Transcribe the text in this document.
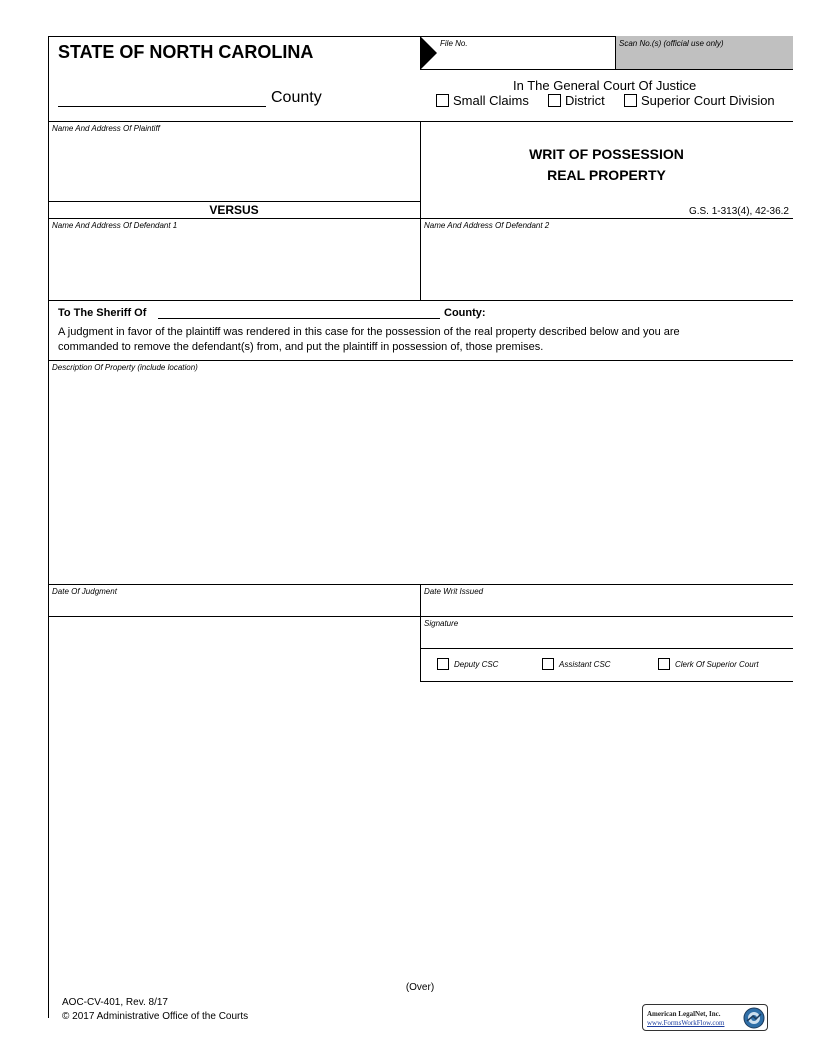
File No.	Scan No.(s) (official use only)
STATE OF NORTH CAROLINA
County
In The General Court Of Justice
Small Claims	District	Superior Court Division
Name And Address Of Plaintiff
WRIT OF POSSESSION
REAL PROPERTY
G.S. 1-313(4), 42-36.2
VERSUS
Name And Address Of Defendant 1	Name And Address Of Defendant 2
To The Sheriff Of	County:
A judgment in favor of the plaintiff was rendered in this case for the possession of the real property described below and you are
commanded to remove the defendant(s) from, and put the plaintiff in possession of, those premises.
Description Of Property (include location)
Date Of Judgment	Date Writ Issued
Signature
Deputy CSC	Assistant CSC	Clerk Of Superior Court
(Over)
AOC-CV-401, Rev. 8/17
© 2017 Administrative Office of the Courts	American LegalNet, Inc.
www.FormsWorkFlow.com
